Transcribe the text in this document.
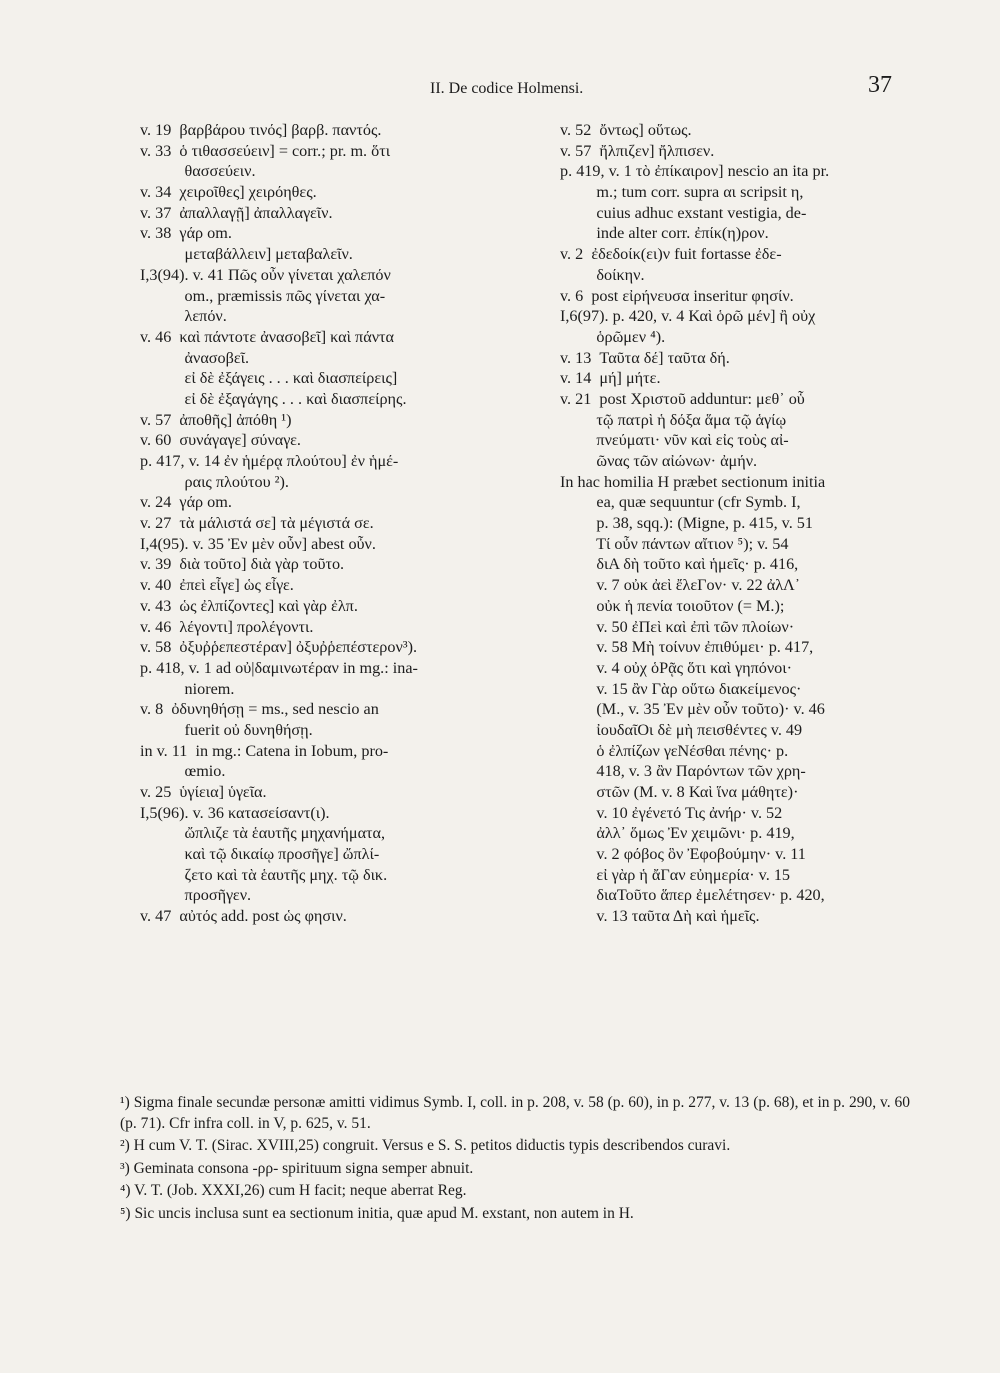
II. De codice Holmensi.	37
v. 19  βαρβάρου τινός] βαρβ. παντός.
v. 33  ὁ τιθασσεύειν] = corr.; pr. m. ὅτι
θασσεύειν.
v. 34  χειροῖθες] χειρόηθες.
v. 37  ἀπαλλαγῇ] ἀπαλλαγεῖν.
v. 38  γάρ om.
μεταβάλλειν] μεταβαλεῖν.
I,3(94). v. 41 Πῶς οὖν γίνεται χαλεπόν
om., præmissis πῶς γίνεται χα-
λεπόν.
v. 46  καὶ πάντοτε ἀνασοβεῖ] καὶ πάντα
ἀνασοβεῖ.
εἰ δὲ ἐξάγεις . . . καὶ διασπείρεις]
εἰ δὲ ἐξαγάγης . . . καὶ διασπείρης.
v. 57  ἀποθῆς] ἀπόθη ¹)
v. 60  συνάγαγε] σύναγε.
p. 417, v. 14 ἐν ἡμέρᾳ πλούτου] ἐν ἡμέ-
ραις πλούτου ²).
v. 24  γάρ om.
v. 27  τὰ μάλιστά σε] τὰ μέγιστά σε.
I,4(95). v. 35 Ἐν μὲν οὖν] abest οὖν.
v. 39  διὰ τοῦτο] διὰ γὰρ τοῦτο.
v. 40  ἐπεὶ εἶγε] ὡς εἶγε.
v. 43  ὡς ἐλπίζοντες] καὶ γὰρ ἐλπ.
v. 46  λέγοντι] προλέγοντι.
v. 58  ὀξυῤῥεπεστέραν] ὀξυῤῥεπέστερον³).
p. 418, v. 1 ad οὐ|δαμινωτέραν in mg.: ina-
niorem.
v. 8  ὀδυνηθήσῃ = ms., sed nescio an
fuerit οὐ δυνηθήσῃ.
in v. 11  in mg.: Catena in Iobum, pro-
œmio.
v. 25  ὑγίεια] ὑγεῖα.
I,5(96). v. 36 κατασείσαντ(ι).
ὤπλιζε τὰ ἑαυτῆς μηχανήματα,
καὶ τῷ δικαίῳ προσῆγε] ὤπλί-
ζετο καὶ τὰ ἑαυτῆς μηχ. τῷ δικ.
προσῆγεν.
v. 47  αὐτός add. post ὡς φησιν.
v. 52  ὄντως] οὕτως.
v. 57  ἤλπιζεν] ἤλπισεν.
p. 419, v. 1 τὸ ἐπίκαιρον] nescio an ita pr.
m.; tum corr. supra αι scripsit η,
cuius adhuc exstant vestigia, de-
inde alter corr. ἐπίκ(η)ρον.
v. 2  ἐδεδοίκ(ει)ν fuit fortasse ἐδε-
δοίκην.
v. 6  post εἰρήνευσα inseritur φησίν.
I,6(97). p. 420, v. 4 Καὶ ὁρῶ μέν] ἢ οὐχ
ὁρῶμεν ⁴).
v. 13  Ταῦτα δέ] ταῦτα δή.
v. 14  μή] μήτε.
v. 21  post Χριστοῦ adduntur: μεθ᾽ οὗ
τῷ πατρὶ ἡ δόξα ἅμα τῷ ἁγίῳ
πνεύματι· νῦν καὶ εἰς τοὺς αἰ-
ῶνας τῶν αἰώνων· ἀμήν.
In hac homilia H præbet sectionum initia
ea, quæ sequuntur (cfr Symb. I,
p. 38, sqq.): (Migne, p. 415, v. 51
Τί οὖν πάντων αἴτιον ⁵); v. 54
διΑ δὴ τοῦτο καὶ ἡμεῖς· p. 416,
v. 7 οὐκ ἀεὶ ἔλεΓον· v. 22 ἀλΛ᾽
οὐκ ἡ πενία τοιοῦτον (= M.);
v. 50 ἐΠεὶ καὶ ἐπὶ τῶν πλοίων·
v. 58 Μὴ τοίνυν ἐπιθύμει· p. 417,
v. 4 οὐχ ὁΡᾷς ὅτι καὶ γηπόνοι·
v. 15 ἂν Γὰρ οὕτω διακείμενος·
(M., v. 35 Ἐν μὲν οὖν τοῦτο)· v. 46
ἰουδαῖΟι δὲ μὴ πεισθέντες v. 49
ὁ ἐλπίζων γεΝέσθαι πένης· p.
418, v. 3 ἂν Παρόντων τῶν χρη-
στῶν (M. v. 8 Καὶ ἵνα μάθητε)·
v. 10 ἐγένετό Τις ἀνήρ· v. 52
ἀλλ᾽ ὅμως Ἐν χειμῶνι· p. 419,
v. 2 φόβος ὃν Ἐφοβούμην· v. 11
εἰ γὰρ ἡ ἄΓαν εὐημερία· v. 15
διαΤοῦτο ἅπερ ἐμελέτησεν· p. 420,
v. 13 ταῦτα Δὴ καὶ ἡμεῖς.

¹) Sigma finale secundæ personæ amitti vidimus Symb. I, coll. in p. 208, v. 58 (p. 60), in p. 277, v. 13 (p. 68), et in p. 290, v. 60 (p. 71). Cfr infra coll. in V, p. 625, v. 51.

²) H cum V. T. (Sirac. XVIII,25) congruit. Versus e S. S. petitos diductis typis describendos curavi.

³) Geminata consona -ρρ- spirituum signa semper abnuit.

⁴) V. T. (Job. XXXI,26) cum H facit; neque aberrat Reg.

⁵) Sic uncis inclusa sunt ea sectionum initia, quæ apud M. exstant, non autem in H.
